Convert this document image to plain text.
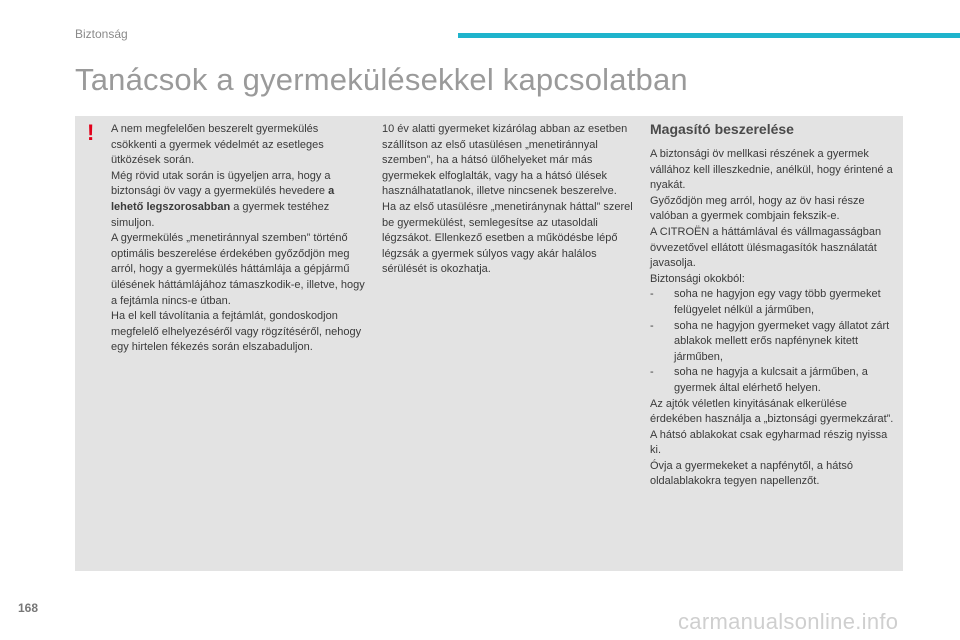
Biztonság
Tanácsok a gyermekülésekkel kapcsolatban
! A nem megfelelően beszerelt gyermekülés csökkenti a gyermek védelmét az esetleges ütközések során.

Még rövid utak során is ügyeljen arra, hogy a biztonsági öv vagy a gyermekülés hevedere a lehető legszorosabban a gyermek testéhez simuljon.

A gyermekülés „menetiránnyal szemben” történő optimális beszerelése érdekében győződjön meg arról, hogy a gyermekülés háttámlája a gépjármű ülésének háttámlájához támaszkodik-e, illetve, hogy a fejtámla nincs-e útban.

Ha el kell távolítania a fejtámlát, gondoskodjon megfelelő elhelyezéséről vagy rögzítéséről, nehogy egy hirtelen fékezés során elszabaduljon.

10 év alatti gyermeket kizárólag abban az esetben szállítson az első utasülésen „menetiránnyal szemben”, ha a hátsó ülőhelyeket már más gyermekek elfoglalták, vagy ha a hátsó ülések használhatatlanok, illetve nincsenek beszerelve.

Ha az első utasülésre „menetiránynak háttal” szerel be gyermekülést, semlegesítse az utasoldali légzsákot. Ellenkező esetben a működésbe lépő légzsák a gyermek súlyos vagy akár halálos sérülését is okozhatja.

Magasító beszerelése

A biztonsági öv mellkasi részének a gyermek vállához kell illeszkednie, anélkül, hogy érintené a nyakát.

Győződjön meg arról, hogy az öv hasi része valóban a gyermek combjain fekszik-e.

A CITROËN a háttámlával és vállmagasságban övvezetővel ellátott ülésmagasítók használatát javasolja.

Biztonsági okokból:

-	soha ne hagyjon egy vagy több gyermeket felügyelet nélkül a járműben,
-	soha ne hagyjon gyermeket vagy állatot zárt ablakok mellett erős napfénynek kitett járműben,
-	soha ne hagyja a kulcsait a járműben, a gyermek által elérhető helyen.

Az ajtók véletlen kinyitásának elkerülése érdekében használja a „biztonsági gyermekzárat”.

A hátsó ablakokat csak egyharmad részig nyissa ki.

Óvja a gyermekeket a napfénytől, a hátsó oldalablakokra tegyen napellenzőt.

168
carmanualsonline.info
